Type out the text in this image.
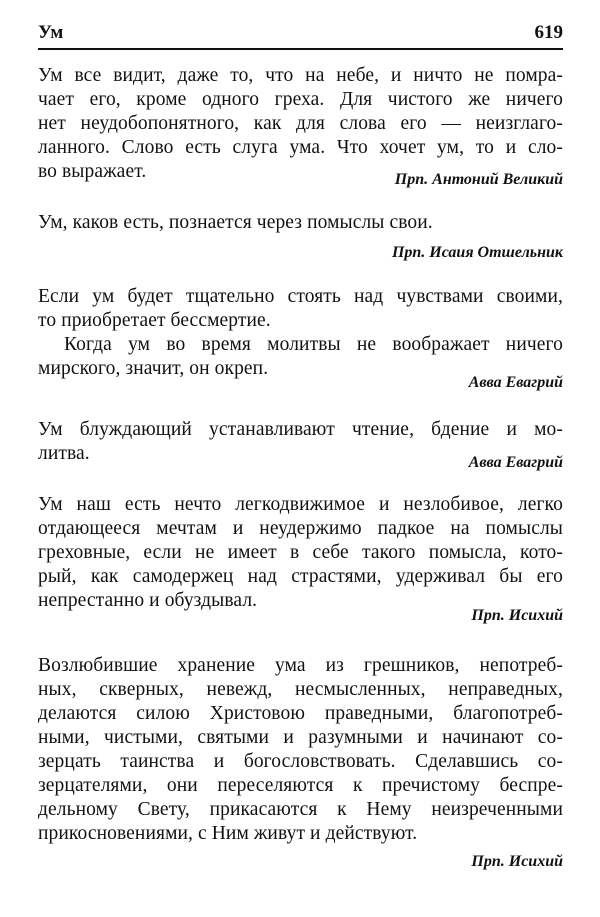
Ум	619
Ум все видит, даже то, что на небе, и ничто не помра-
чает его, кроме одного греха. Для чистого же ничего
нет неудобопонятного, как для слова его — неизглаго-
ланного. Слово есть слуга ума. Что хочет ум, то и сло-
во выражает.	Прп. Антоний Великий
Ум, каков есть, познается через помыслы свои.
Прп. Исаия Отшельник
Если ум будет тщательно стоять над чувствами своими,
то приобретает бессмертие.
Когда ум во время молитвы не воображает ничего
мирского, значит, он окреп.
Авва Евагрий
Ум блуждающий устанавливают чтение, бдение и мо-
литва.	Авва Евагрий
Ум наш есть нечто легкодвижимое и незлобивое, легко
отдающееся мечтам и неудержимо падкое на помыслы
греховные, если не имеет в себе такого помысла, кото-
рый, как самодержец над страстями, удерживал бы его
непрестанно и обуздывал.
Прп. Исихий
Возлюбившие хранение ума из грешников, непотреб-
ных, скверных, невежд, несмысленных, неправедных,
делаются силою Христовою праведными, благопотреб-
ными, чистыми, святыми и разумными и начинают со-
зерцать таинства и богословствовать. Сделавшись со-
зерцателями, они переселяются к пречистому беспре-
дельному Свету, прикасаются к Нему неизреченными
прикосновениями, с Ним живут и действуют.
Прп. Исихий
